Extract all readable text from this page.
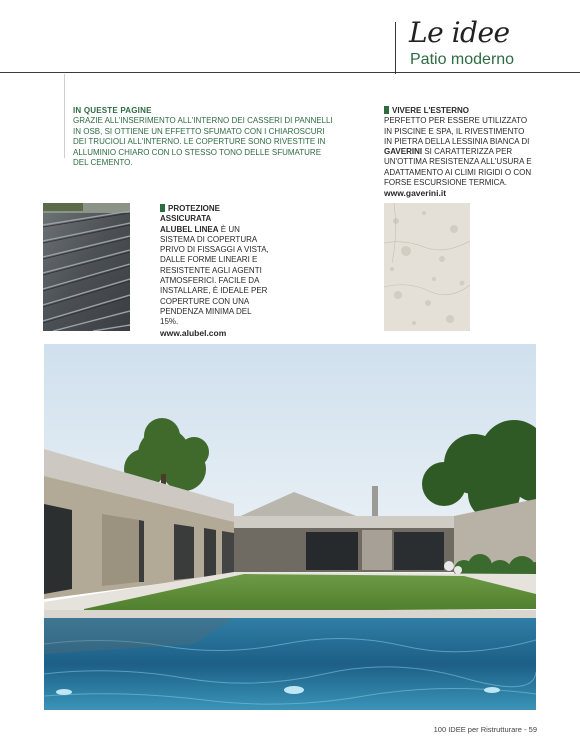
Le idee
Patio moderno
IN QUESTE PAGINE
GRAZIE ALL'INSERIMENTO ALL'INTERNO DEI CASSERI DI PANNELLI IN OSB, SI OTTIENE UN EFFETTO SFUMATO CON I CHIAROSCURI DEI TRUCIOLI ALL'INTERNO. LE COPERTURE SONO RIVESTITE IN ALLUMINIO CHIARO CON LO STESSO TONO DELLE SFUMATURE DEL CEMENTO.
VIVERE L'ESTERNO
PERFETTO PER ESSERE UTILIZZATO IN PISCINE E SPA, IL RIVESTIMENTO IN PIETRA DELLA LESSINIA BIANCA DI GAVERINI SI CARATTERIZZA PER UN'OTTIMA RESISTENZA ALL'USURA E ADATTAMENTO AI CLIMI RIGIDI O CON FORSE ESCURSIONE TERMICA.
www.gaverini.it
PROTEZIONE ASSICURATA
ALUBEL LINEA È UN SISTEMA DI COPERTURA PRIVO DI FISSAGGI A VISTA, DALLE FORME LINEARI E RESISTENTE AGLI AGENTI ATMOSFERICI. FACILE DA INSTALLARE, È IDEALE PER COPERTURE CON UNA PENDENZA MINIMA DEL 15%.
www.alubel.com
100 IDEE per Ristrutturare - 59
